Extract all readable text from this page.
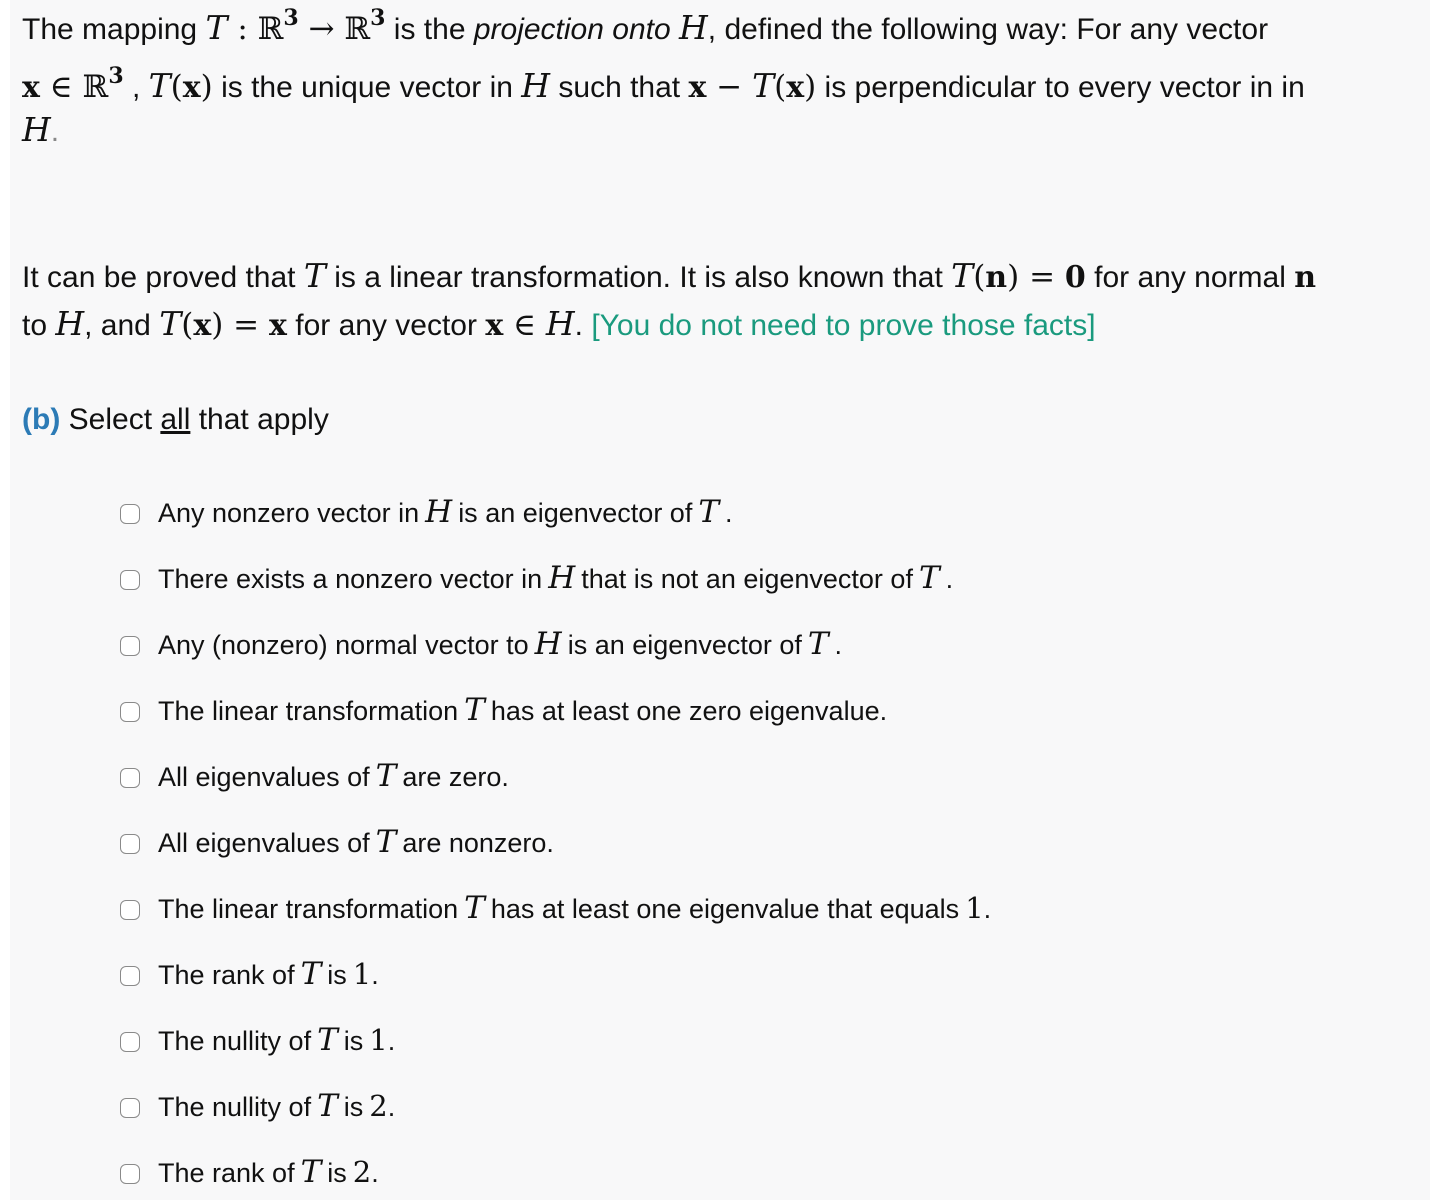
The mapping T : ℝ$^3$ → ℝ$^3$ is the projection onto H, defined the following way: For any vector

x ∈ ℝ$^3$ , T(x) is the unique vector in H such that x − T(x) is perpendicular to every vector in in

H.

It can be proved that T is a linear transformation. It is also known that T(n) = 0 for any normal n

to H, and T(x) = x for any vector x ∈ H. [You do not need to prove those facts]

(b) Select all that apply

Any nonzero vector in H is an eigenvector of T .
There exists a nonzero vector in H that is not an eigenvector of T .
Any (nonzero) normal vector to H is an eigenvector of T .
The linear transformation T has at least one zero eigenvalue.
All eigenvalues of T are zero.
All eigenvalues of T are nonzero.
The linear transformation T has at least one eigenvalue that equals 1.
The rank of T is 1.
The nullity of T is 1.
The nullity of T is 2.
The rank of T is 2.
